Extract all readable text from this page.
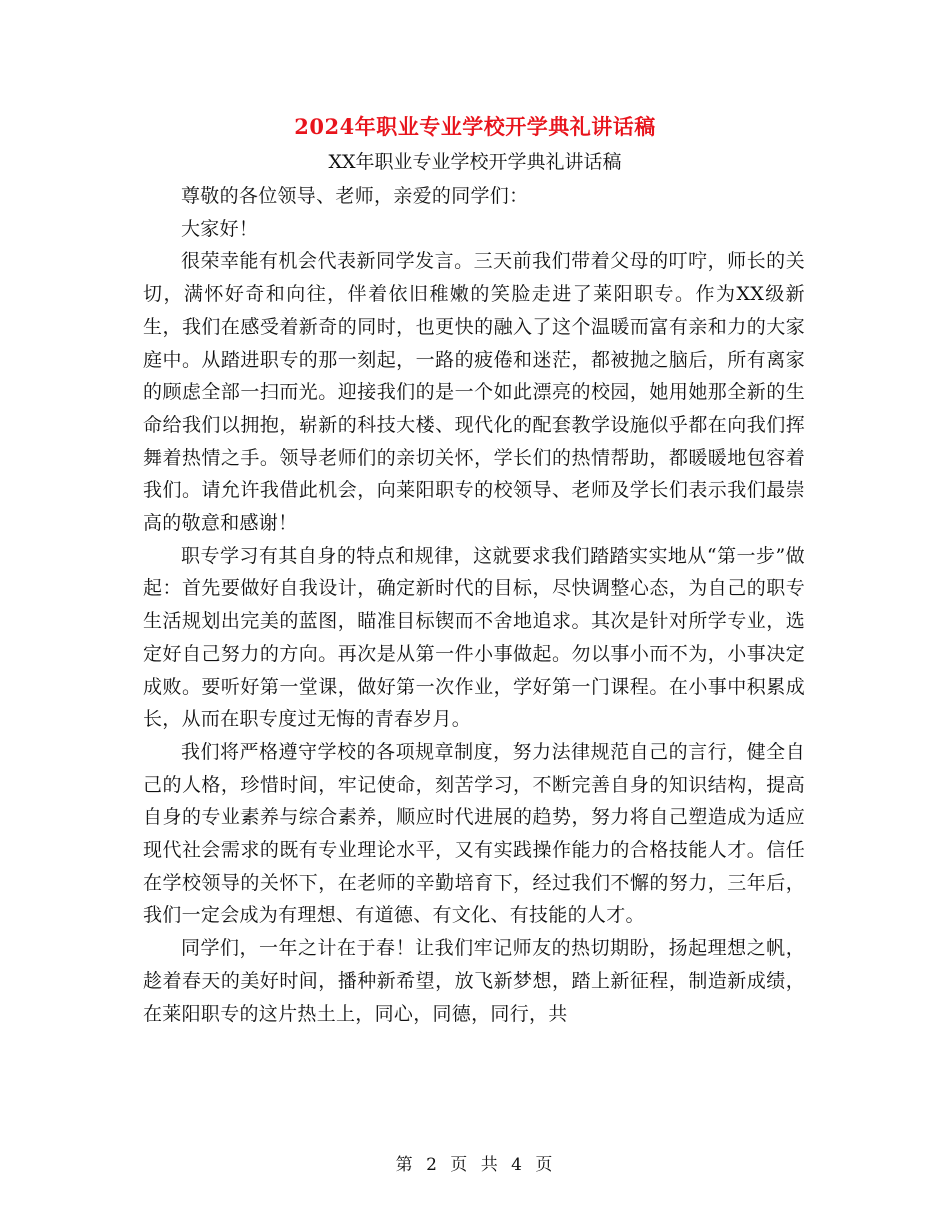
2024年职业专业学校开学典礼讲话稿
XX年职业专业学校开学典礼讲话稿

尊敬的各位领导、老师，亲爱的同学们：

大家好！

很荣幸能有机会代表新同学发言。三天前我们带着父母的叮咛，师长的关切，满怀好奇和向往，伴着依旧稚嫩的笑脸走进了莱阳职专。作为XX级新生，我们在感受着新奇的同时，也更快的融入了这个温暖而富有亲和力的大家庭中。从踏进职专的那一刻起，一路的疲倦和迷茫，都被抛之脑后，所有离家的顾虑全部一扫而光。迎接我们的是一个如此漂亮的校园，她用她那全新的生命给我们以拥抱，崭新的科技大楼、现代化的配套教学设施似乎都在向我们挥舞着热情之手。领导老师们的亲切关怀，学长们的热情帮助，都暖暖地包容着我们。请允许我借此机会，向莱阳职专的校领导、老师及学长们表示我们最崇高的敬意和感谢！

职专学习有其自身的特点和规律，这就要求我们踏踏实实地从“第一步”做起：首先要做好自我设计，确定新时代的目标，尽快调整心态，为自己的职专生活规划出完美的蓝图，瞄准目标锲而不舍地追求。其次是针对所学专业，选定好自己努力的方向。再次是从第一件小事做起。勿以事小而不为，小事决定成败。要听好第一堂课，做好第一次作业，学好第一门课程。在小事中积累成长，从而在职专度过无悔的青春岁月。

我们将严格遵守学校的各项规章制度，努力法律规范自己的言行，健全自己的人格，珍惜时间，牢记使命，刻苦学习，不断完善自身的知识结构，提高自身的专业素养与综合素养，顺应时代进展的趋势，努力将自己塑造成为适应现代社会需求的既有专业理论水平，又有实践操作能力的合格技能人才。信任在学校领导的关怀下，在老师的辛勤培育下，经过我们不懈的努力，三年后，我们一定会成为有理想、有道德、有文化、有技能的人才。

同学们，一年之计在于春！让我们牢记师友的热切期盼，扬起理想之帆，趁着春天的美好时间，播种新希望，放飞新梦想，踏上新征程，制造新成绩，在莱阳职专的这片热土上，同心，同德，同行，共

第 2 页 共 4 页
